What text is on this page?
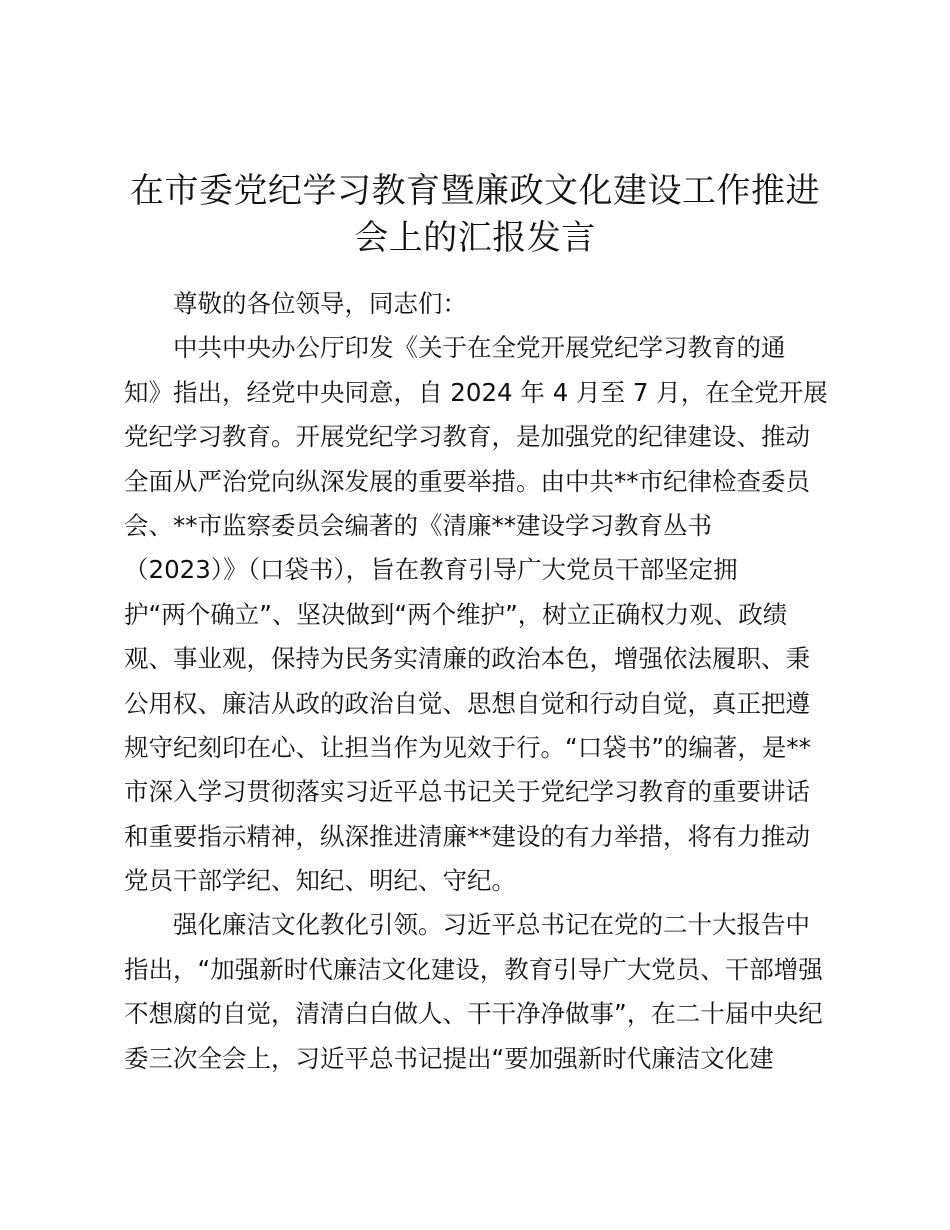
在市委党纪学习教育暨廉政文化建设工作推进
会上的汇报发言
尊敬的各位领导，同志们：
中共中央办公厅印发《关于在全党开展党纪学习教育的通
知》指出，经党中央同意，自 2024 年 4 月至 7 月，在全党开展
党纪学习教育。开展党纪学习教育，是加强党的纪律建设、推动
全面从严治党向纵深发展的重要举措。由中共**市纪律检查委员
会、**市监察委员会编著的《清廉**建设学习教育丛书
（2023）》（口袋书），旨在教育引导广大党员干部坚定拥
护“两个确立”、坚决做到“两个维护”，树立正确权力观、政绩
观、事业观，保持为民务实清廉的政治本色，增强依法履职、秉
公用权、廉洁从政的政治自觉、思想自觉和行动自觉，真正把遵
规守纪刻印在心、让担当作为见效于行。“口袋书”的编著，是**
市深入学习贯彻落实习近平总书记关于党纪学习教育的重要讲话
和重要指示精神，纵深推进清廉**建设的有力举措，将有力推动
党员干部学纪、知纪、明纪、守纪。
强化廉洁文化教化引领。习近平总书记在党的二十大报告中
指出，“加强新时代廉洁文化建设，教育引导广大党员、干部增强
不想腐的自觉，清清白白做人、干干净净做事”，在二十届中央纪
委三次全会上，习近平总书记提出“要加强新时代廉洁文化建
